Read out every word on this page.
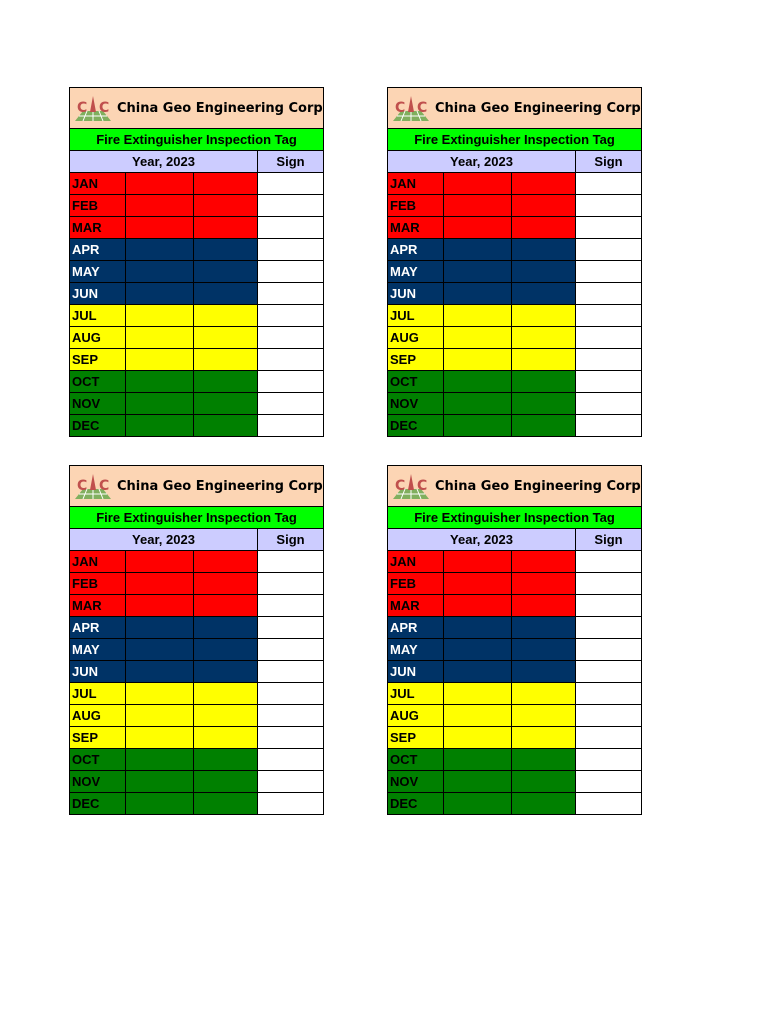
C C China Geo Engineering Corp			

Fire Extinguisher Inspection Tag			
Year, 2023			Sign
JAN			
FEB			
MAR			
APR			
MAY			
JUN			
JUL			
AUG			
SEP			
OCT			
NOV			
DEC			
C C China Geo Engineering Corp			

Fire Extinguisher Inspection Tag			
Year, 2023			Sign
JAN			
FEB			
MAR			
APR			
MAY			
JUN			
JUL			
AUG			
SEP			
OCT			
NOV			
DEC			
C C China Geo Engineering Corp			

Fire Extinguisher Inspection Tag			
Year, 2023			Sign
JAN			
FEB			
MAR			
APR			
MAY			
JUN			
JUL			
AUG			
SEP			
OCT			
NOV			
DEC			
C C China Geo Engineering Corp			

Fire Extinguisher Inspection Tag			
Year, 2023			Sign
JAN			
FEB			
MAR			
APR			
MAY			
JUN			
JUL			
AUG			
SEP			
OCT			
NOV			
DEC			
